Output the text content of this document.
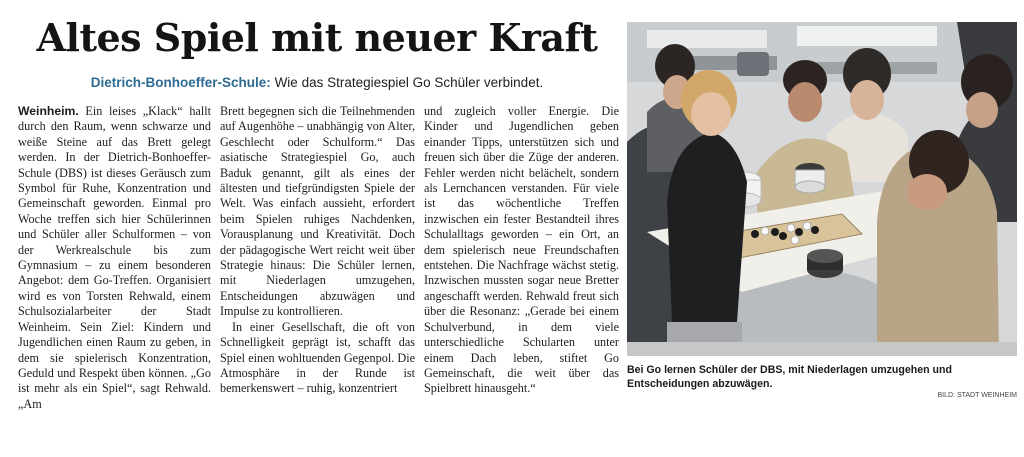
Altes Spiel mit neuer Kraft
Dietrich-Bonhoeffer-Schule: Wie das Strategiespiel Go Schüler verbindet.

Weinheim. Ein leises „Klack“ hallt durch den Raum, wenn schwarze und weiße Steine auf das Brett gelegt werden. In der Dietrich-Bonhoeffer-Schule (DBS) ist dieses Geräusch zum Symbol für Ruhe, Konzentration und Gemeinschaft geworden. Einmal pro Woche treffen sich hier Schülerinnen und Schüler aller Schulformen – von der Werkrealschule bis zum Gymnasium – zu einem besonderen Angebot: dem Go-Treffen. Organisiert wird es von Torsten Rehwald, einem Schulsozialarbeiter der Stadt Weinheim. Sein Ziel: Kindern und Jugendlichen einen Raum zu geben, in dem sie spielerisch Konzentration, Geduld und Respekt üben können. „Go ist mehr als ein Spiel“, sagt Rehwald. „Am

Brett begegnen sich die Teilnehmenden auf Augenhöhe – unabhängig von Alter, Geschlecht oder Schulform.“ Das asiatische Strategiespiel Go, auch Baduk genannt, gilt als eines der ältesten und tiefgründigsten Spiele der Welt. Was einfach aussieht, erfordert beim Spielen ruhiges Nachdenken, Vorausplanung und Kreativität. Doch der pädagogische Wert reicht weit über Strategie hinaus: Die Schüler lernen, mit Niederlagen umzugehen, Entscheidungen abzuwägen und Impulse zu kontrollieren.

In einer Gesellschaft, die oft von Schnelligkeit geprägt ist, schafft das Spiel einen wohltuenden Gegenpol. Die Atmosphäre in der Runde ist bemerkenswert – ruhig, konzentriert

und zugleich voller Energie. Die Kinder und Jugendlichen geben einander Tipps, unterstützen sich und freuen sich über die Züge der anderen. Fehler werden nicht belächelt, sondern als Lernchancen verstanden. Für viele ist das wöchentliche Treffen inzwischen ein fester Bestandteil ihres Schulalltags geworden – ein Ort, an dem spielerisch neue Freundschaften entstehen. Die Nachfrage wächst stetig. Inzwischen mussten sogar neue Bretter angeschafft werden. Rehwald freut sich über die Resonanz: „Gerade bei einem Schulverbund, in dem viele unterschiedliche Schularten unter einem Dach leben, stiftet Go Gemeinschaft, die weit über das Spielbrett hinausgeht.“

Bei Go lernen Schüler der DBS, mit Niederlagen umzugehen und Entscheidungen abzuwägen.
BILD: STADT WEINHEIM
